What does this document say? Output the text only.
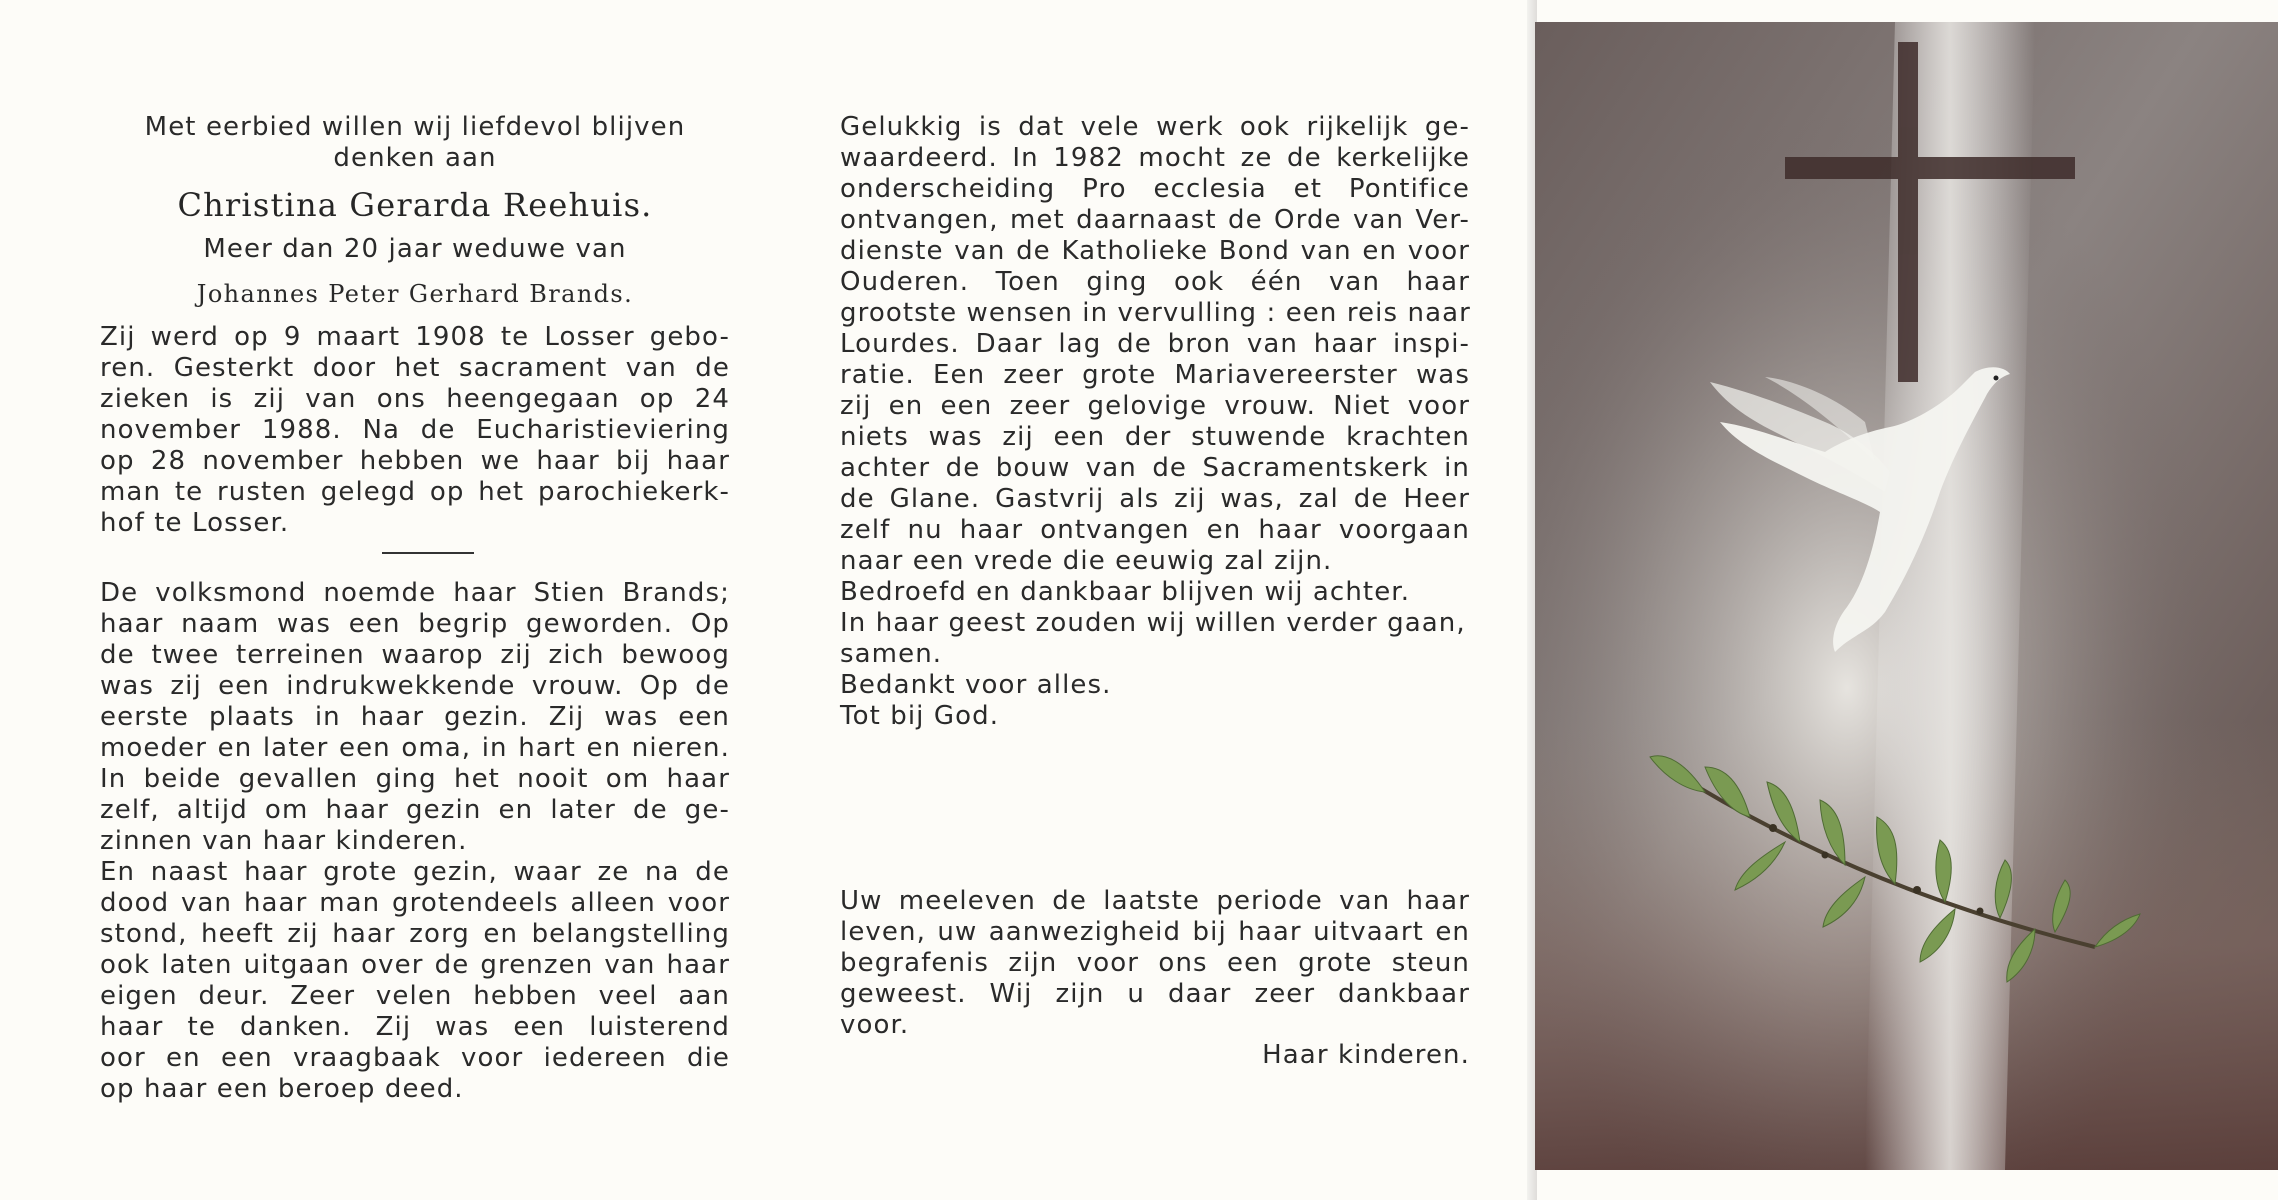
Met eerbied willen wij liefdevol blijven
denken aan
Christina Gerarda Reehuis.
Meer dan 20 jaar weduwe van
Johannes Peter Gerhard Brands.
Zij werd op 9 maart 1908 te Losser gebo-
ren. Gesterkt door het sacrament van de
zieken is zij van ons heengegaan op 24
november 1988. Na de Eucharistieviering
op 28 november hebben we haar bij haar
man te rusten gelegd op het parochiekerk-
hof te Losser.
De volksmond noemde haar Stien Brands;
haar naam was een begrip geworden. Op
de twee terreinen waarop zij zich bewoog
was zij een indrukwekkende vrouw. Op de
eerste plaats in haar gezin. Zij was een
moeder en later een oma, in hart en nieren.
In beide gevallen ging het nooit om haar
zelf, altijd om haar gezin en later de ge-
zinnen van haar kinderen.
En naast haar grote gezin, waar ze na de
dood van haar man grotendeels alleen voor
stond, heeft zij haar zorg en belangstelling
ook laten uitgaan over de grenzen van haar
eigen deur. Zeer velen hebben veel aan
haar te danken. Zij was een luisterend
oor en een vraagbaak voor iedereen die
op haar een beroep deed.
Gelukkig is dat vele werk ook rijkelijk ge-
waardeerd. In 1982 mocht ze de kerkelijke
onderscheiding Pro ecclesia et Pontifice
ontvangen, met daarnaast de Orde van Ver-
dienste van de Katholieke Bond van en voor
Ouderen. Toen ging ook één van haar
grootste wensen in vervulling : een reis naar
Lourdes. Daar lag de bron van haar inspi-
ratie. Een zeer grote Mariavereerster was
zij en een zeer gelovige vrouw. Niet voor
niets was zij een der stuwende krachten
achter de bouw van de Sacramentskerk in
de Glane. Gastvrij als zij was, zal de Heer
zelf nu haar ontvangen en haar voorgaan
naar een vrede die eeuwig zal zijn.
Bedroefd en dankbaar blijven wij achter.
In haar geest zouden wij willen verder gaan,
samen.
Bedankt voor alles.
Tot bij God.
Uw meeleven de laatste periode van haar
leven, uw aanwezigheid bij haar uitvaart en
begrafenis zijn voor ons een grote steun
geweest. Wij zijn u daar zeer dankbaar
voor.
Haar kinderen.
